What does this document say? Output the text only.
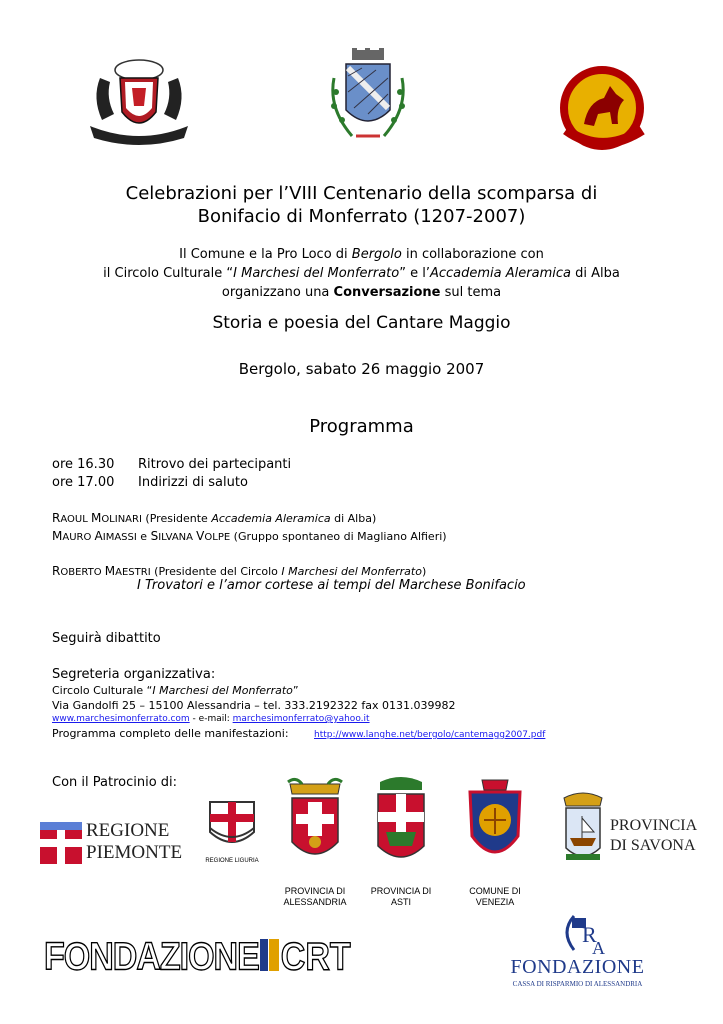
Celebrazioni per l’VIII Centenario della scomparsa di
Bonifacio di Monferrato (1207-2007)
Il Comune e la Pro Loco di Bergolo in collaborazione con
il Circolo Culturale “I Marchesi del Monferrato” e l’Accademia Aleramica di Alba
organizzano una Conversazione sul tema
Storia e poesia del Cantare Maggio
Bergolo, sabato 26 maggio 2007
Programma
ore 16.30 Ritrovo dei partecipanti
ore 17.00 Indirizzi di saluto
RAOUL MOLINARI (Presidente Accademia Aleramica di Alba)
MAURO AIMASSI e SILVANA VOLPE (Gruppo spontaneo di Magliano Alfieri)
ROBERTO MAESTRI (Presidente del Circolo I Marchesi del Monferrato)
I Trovatori e l’amor cortese ai tempi del Marchese Bonifacio
Seguirà dibattito
Segreteria organizzativa:
Circolo Culturale “I Marchesi del Monferrato”
Via Gandolfi 25 – 15100 Alessandria – tel. 333.2192322 fax 0131.039982
www.marchesimonferrato.com - e-mail: marchesimonferrato@yahoo.it
Programma completo delle manifestazioni:	http://www.langhe.net/bergolo/cantemagg2007.pdf
Con il Patrocinio di:
REGIONE
PIEMONTE	REGIONE LIGURIA
PROVINCIA DI
ALESSANDRIA
PROVINCIA DI
ASTI
COMUNE DI
VENEZIA
PROVINCIA
DI SAVONA
FONDAZIONE CRT
R
A
FONDAZIONE
CASSA DI RISPARMIO DI ALESSANDRIA
